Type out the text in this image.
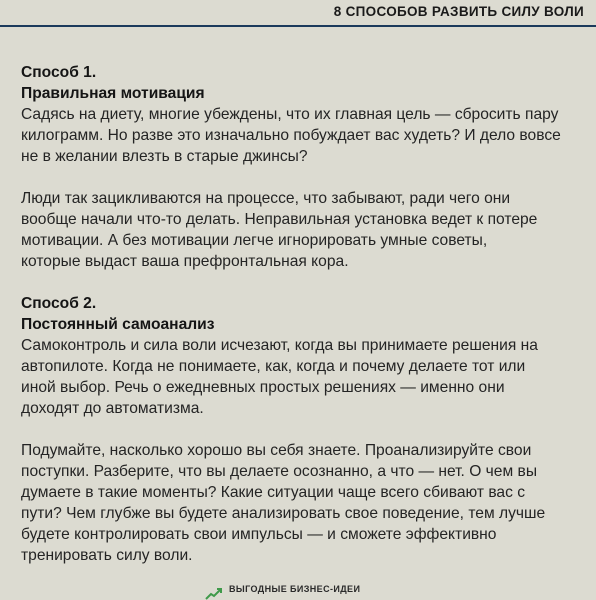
8 СПОСОБОВ РАЗВИТЬ СИЛУ ВОЛИ
Способ 1.
Правильная мотивация

Садясь на диету, многие убеждены, что их главная цель — сбросить пару
килограмм. Но разве это изначально побуждает вас худеть? И дело вовсе
не в желании влезть в старые джинсы?

Люди так зацикливаются на процессе, что забывают, ради чего они
вообще начали что-то делать. Неправильная установка ведет к потере
мотивации. А без мотивации легче игнорировать умные советы,
которые выдаст ваша префронтальная кора.

Способ 2.
Постоянный самоанализ

Самоконтроль и сила воли исчезают, когда вы принимаете решения на
автопилоте. Когда не понимаете, как, когда и почему делаете тот или
иной выбор. Речь о ежедневных простых решениях — именно они
доходят до автоматизма.

Подумайте, насколько хорошо вы себя знаете. Проанализируйте свои
поступки. Разберите, что вы делаете осознанно, а что — нет. О чем вы
думаете в такие моменты? Какие ситуации чаще всего сбивают вас с
пути? Чем глубже вы будете анализировать свое поведение, тем лучше
будете контролировать свои импульсы — и сможете эффективно
тренировать силу воли.

ВЫГОДНЫЕ БИЗНЕС-ИДЕИ
